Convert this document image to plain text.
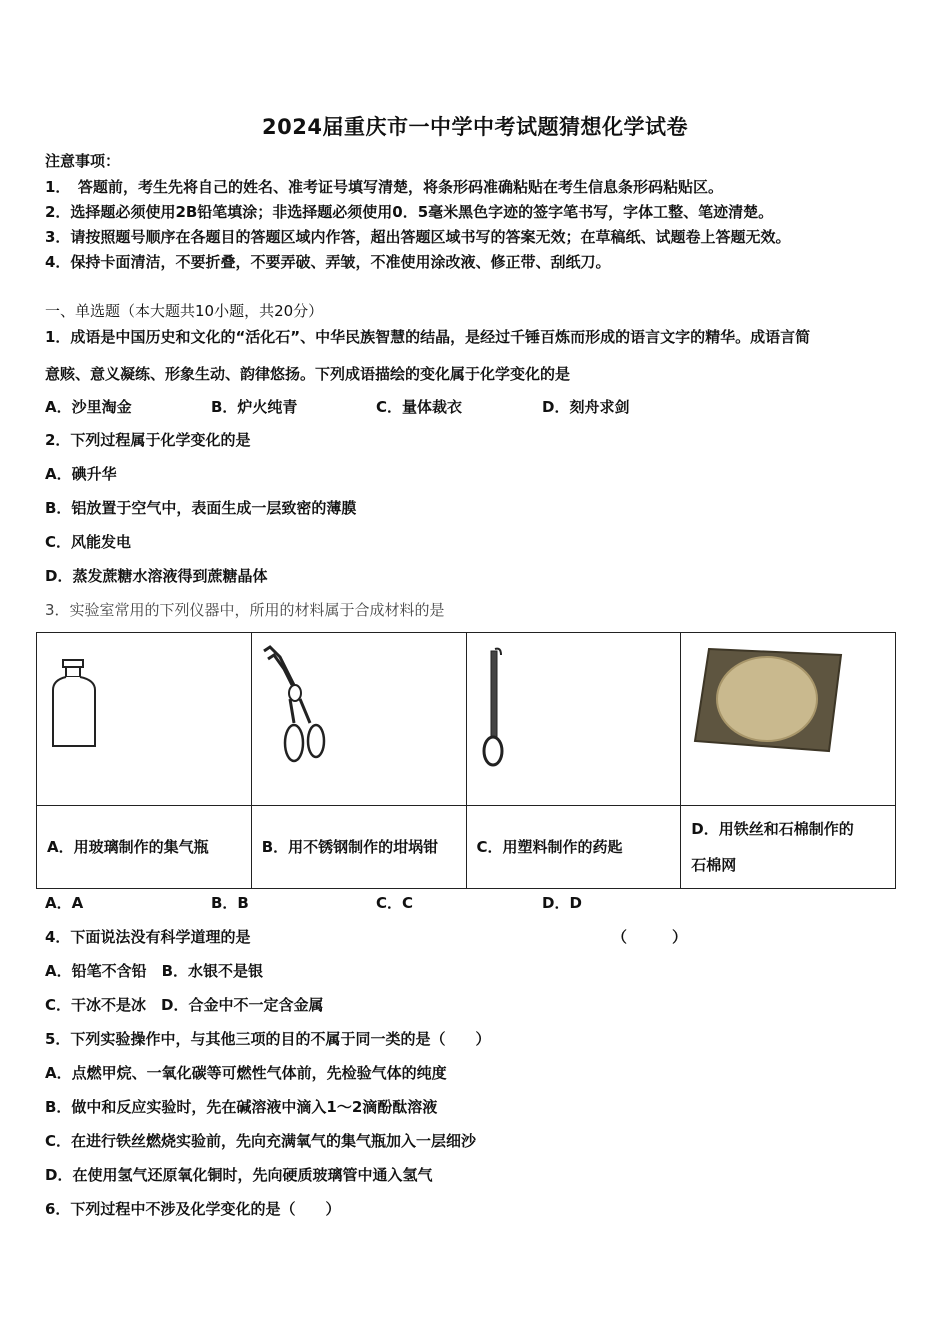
2024届重庆市一中学中考试题猜想化学试卷
注意事项：
1．　答题前，考生先将自己的姓名、准考证号填写清楚，将条形码准确粘贴在考生信息条形码粘贴区。
2．选择题必须使用2B铅笔填涂；非选择题必须使用0．5毫米黑色字迹的签字笔书写，字体工整、笔迹清楚。
3．请按照题号顺序在各题目的答题区域内作答，超出答题区域书写的答案无效；在草稿纸、试题卷上答题无效。
4．保持卡面清洁，不要折叠，不要弄破、弄皱，不准使用涂改液、修正带、刮纸刀。
一、单选题（本大题共10小题，共20分）
1．成语是中国历史和文化的“活化石”、中华民族智慧的结晶，是经过千锤百炼而形成的语言文字的精华。成语言简
意赅、意义凝练、形象生动、韵律悠扬。下列成语描绘的变化属于化学变化的是
A．沙里淘金	B．炉火纯青	C．量体裁衣	D．刻舟求剑
2．下列过程属于化学变化的是
A．碘升华
B．铝放置于空气中，表面生成一层致密的薄膜
C．风能发电
D．蒸发蔗糖水溶液得到蔗糖晶体
3．实验室常用的下列仪器中，所用的材料属于合成材料的是

A．用玻璃制作的集气瓶	B．用不锈钢制作的坩埚钳	C．用塑料制作的药匙	D．用铁丝和石棉制作的
石棉网
A．A	B．B	C．C	D．D
4．下面说法没有科学道理的是	（　　　）
A．铅笔不含铅　B．水银不是银
C．干冰不是冰　D．合金中不一定含金属
5．下列实验操作中，与其他三项的目的不属于同一类的是（　　）
A．点燃甲烷、一氧化碳等可燃性气体前，先检验气体的纯度
B．做中和反应实验时，先在碱溶液中滴入1～2滴酚酞溶液
C．在进行铁丝燃烧实验前，先向充满氧气的集气瓶加入一层细沙
D．在使用氢气还原氧化铜时，先向硬质玻璃管中通入氢气
6．下列过程中不涉及化学变化的是（　　）
